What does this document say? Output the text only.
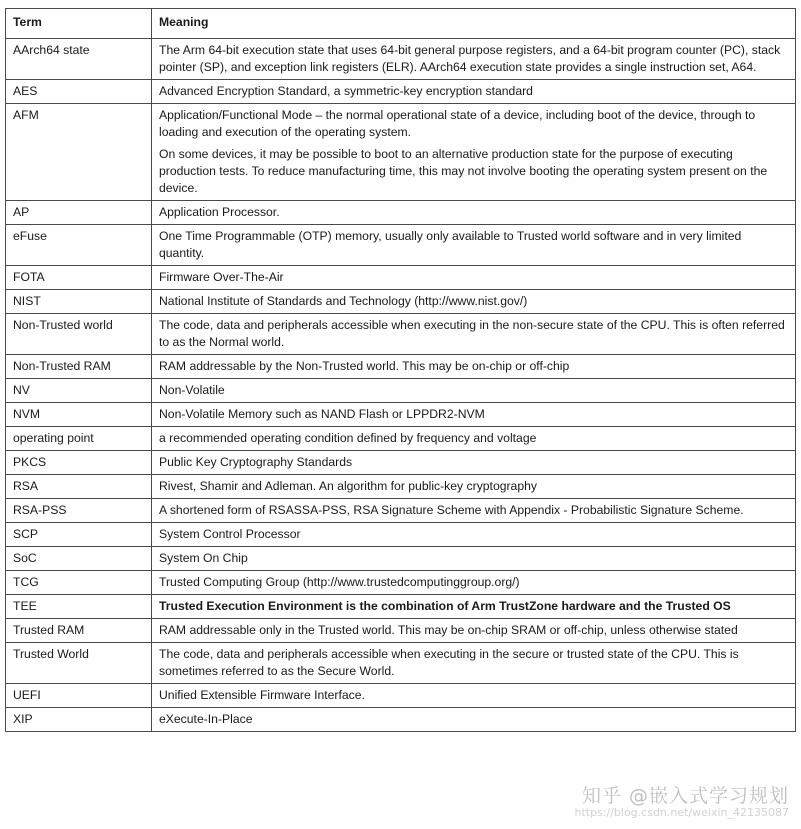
Term	Meaning
AArch64 state	The Arm 64-bit execution state that uses 64-bit general purpose registers, and a 64-bit program counter (PC), stack pointer (SP), and exception link registers (ELR). AArch64 execution state provides a single instruction set, A64.

AES	Advanced Encryption Standard, a symmetric-key encryption standard

AFM	Application/Functional Mode – the normal operational state of a device, including boot of the device, through to loading and execution of the operating system.

On some devices, it may be possible to boot to an alternative production state for the purpose of executing production tests. To reduce manufacturing time, this may not involve booting the operating system present on the device.

AP	Application Processor.

eFuse	One Time Programmable (OTP) memory, usually only available to Trusted world software and in very limited quantity.

FOTA	Firmware Over-The-Air

NIST	National Institute of Standards and Technology (http://www.nist.gov/)

Non-Trusted world	The code, data and peripherals accessible when executing in the non-secure state of the CPU. This is often referred to as the Normal world.

Non-Trusted RAM	RAM addressable by the Non-Trusted world. This may be on-chip or off-chip

NV	Non-Volatile

NVM	Non-Volatile Memory such as NAND Flash or LPPDR2-NVM

operating point	a recommended operating condition defined by frequency and voltage

PKCS	Public Key Cryptography Standards

RSA	Rivest, Shamir and Adleman. An algorithm for public-key cryptography

RSA-PSS	A shortened form of RSASSA-PSS, RSA Signature Scheme with Appendix - Probabilistic Signature Scheme.

SCP	System Control Processor

SoC	System On Chip

TCG	Trusted Computing Group (http://www.trustedcomputinggroup.org/)

TEE	Trusted Execution Environment is the combination of Arm TrustZone hardware and the Trusted OS

Trusted RAM	RAM addressable only in the Trusted world. This may be on-chip SRAM or off-chip, unless otherwise stated

Trusted World	The code, data and peripherals accessible when executing in the secure or trusted state of the CPU. This is sometimes referred to as the Secure World.

UEFI	Unified Extensible Firmware Interface.

XIP	eXecute-In-Place

知乎 @嵌入式学习规划
https://blog.csdn.net/weixin_42135087
